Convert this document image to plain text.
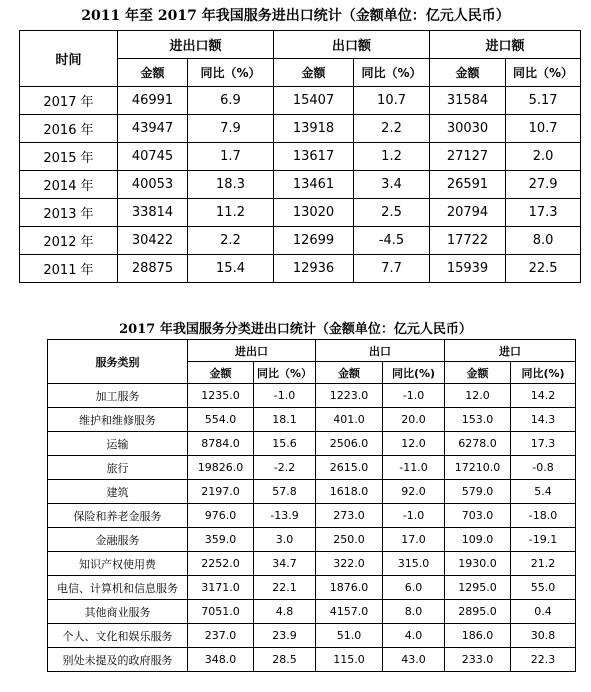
2011 年至 2017 年我国服务进出口统计（金额单位：亿元人民币）
时间	进出口额		出口额		进口额	
	金额	同比（%）	金额	同比（%）	金额	同比（%）
2017 年	46991	6.9	15407	10.7	31584	5.17
2016 年	43947	7.9	13918	2.2	30030	10.7
2015 年	40745	1.7	13617	1.2	27127	2.0
2014 年	40053	18.3	13461	3.4	26591	27.9
2013 年	33814	11.2	13020	2.5	20794	17.3
2012 年	30422	2.2	12699	-4.5	17722	8.0
2011 年	28875	15.4	12936	7.7	15939	22.5
2017 年我国服务分类进出口统计（金额单位：亿元人民币）
服务类别	进出口		出口		进口	
	金额	同比（%）	金额	同比(%)	金额	同比(%)
加工服务	1235.0	-1.0	1223.0	-1.0	12.0	14.2
维护和维修服务	554.0	18.1	401.0	20.0	153.0	14.3
运输	8784.0	15.6	2506.0	12.0	6278.0	17.3
旅行	19826.0	-2.2	2615.0	-11.0	17210.0	-0.8
建筑	2197.0	57.8	1618.0	92.0	579.0	5.4
保险和养老金服务	976.0	-13.9	273.0	-1.0	703.0	-18.0
金融服务	359.0	3.0	250.0	17.0	109.0	-19.1
知识产权使用费	2252.0	34.7	322.0	315.0	1930.0	21.2
电信、计算机和信息服务	3171.0	22.1	1876.0	6.0	1295.0	55.0
其他商业服务	7051.0	4.8	4157.0	8.0	2895.0	0.4
个人、文化和娱乐服务	237.0	23.9	51.0	4.0	186.0	30.8
别处未提及的政府服务	348.0	28.5	115.0	43.0	233.0	22.3
